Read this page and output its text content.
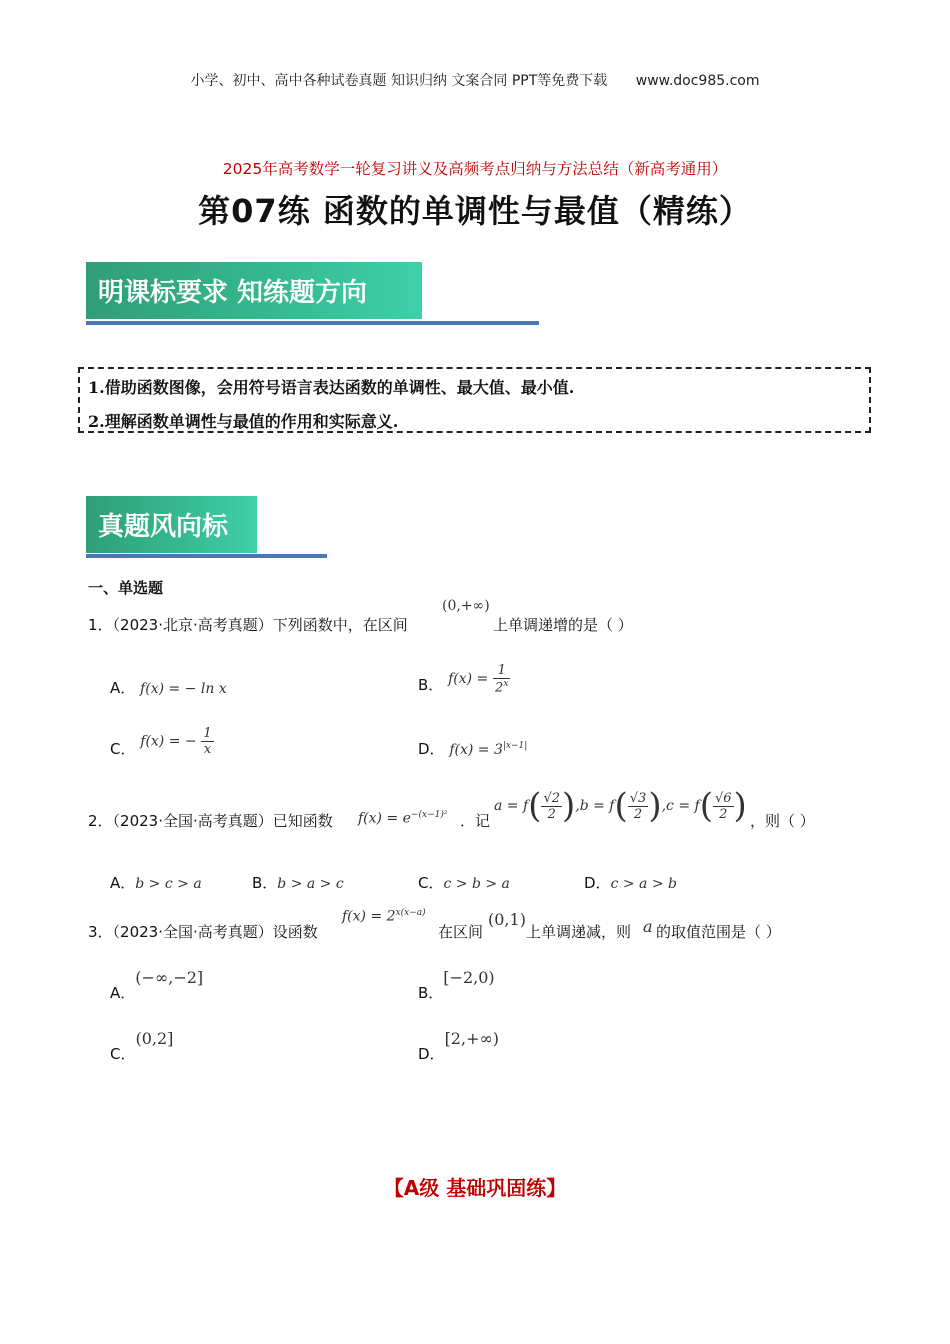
小学、初中、高中各种试卷真题 知识归纳 文案合同 PPT等免费下载 www.doc985.com
2025年高考数学一轮复习讲义及高频考点归纳与方法总结（新高考通用）
第07练 函数的单调性与最值（精练）
明课标要求 知练题方向
1.借助函数图像，会用符号语言表达函数的单调性、最大值、最小值.
2.理解函数单调性与最值的作用和实际意义.
真题风向标
一、单选题
1．（2023·北京·高考真题）下列函数中，在区间
(0,+∞)
上单调递增的是（ ）
A． f(x) = − ln x	B． $f(x) = \frac{1}{2^x}$
C． f(x) = − $\frac{1}{x}$	D． $f(x) = 3^{|x-1|}$
2．（2023·全国·高考真题）已知函数 $f(x) = e^{-(x-1)^2}$ ．记
$a = f( \frac{√2}{2} ),b = f( \frac{√3}{2} ),c = f( \frac{√6}{2}$ ) ，则（ ）
A．b > c > a	B．b > a > c	C．c > b > a	D．c > a > b
3．（2023·全国·高考真题）设函数
$f(x) = 2^{x(x-a)}$
在区间
(0,1)
上单调递减，则 a 的取值范围是（ ）
A．(−∞,−2]
B．[−2,0)
C．(0,2]
D．[2,+∞)
【A级 基础巩固练】
